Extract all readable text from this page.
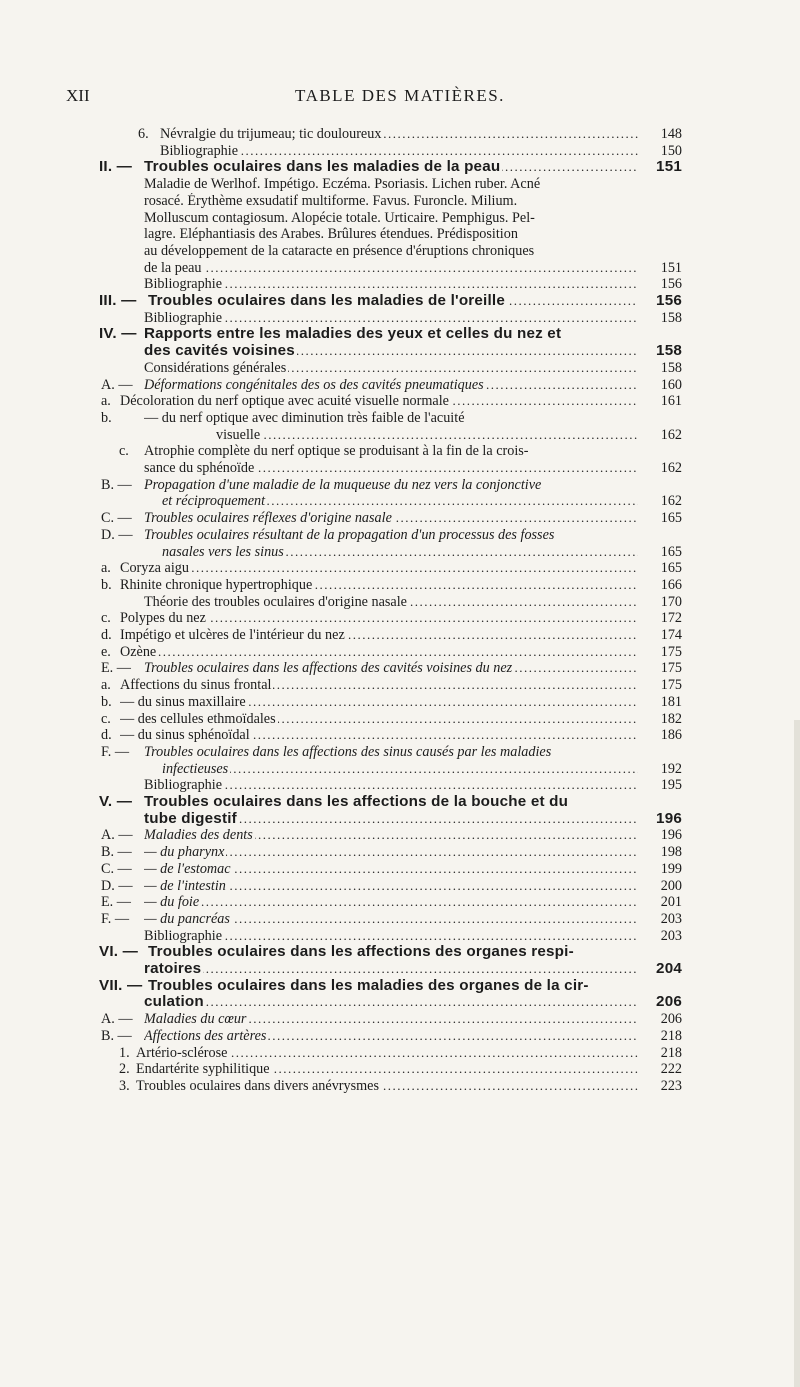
XII	TABLE DES MATIÈRES.
6. Névralgie du trijumeau; tic douloureux .....	148
Bibliographie .....	150
II. — Troubles oculaires dans les maladies de la peau .....	151
Maladie de Werlhof. Impétigo. Eczéma. Psoriasis. Lichen ruber. Acné
rosacé. Érythème exsudatif multiforme. Favus. Furoncle. Milium.
Molluscum contagiosum. Alopécie totale. Urticaire. Pemphigus. Pel-
lagre. Eléphantiasis des Arabes. Brûlures étendues. Prédisposition
au développement de la cataracte en présence d'éruptions chroniques
de la peau .....	151
Bibliographie .....	156
III. — Troubles oculaires dans les maladies de l'oreille .....	156
Bibliographie .....	158
IV. — Rapports entre les maladies des yeux et celles du nez et
des cavités voisines .....	158
Considérations générales .....	158
A. — Déformations congénitales des os des cavités pneumatiques .....	160
a. Décoloration du nerf optique avec acuité visuelle normale .....	161
b. — du nerf optique avec diminution très faible de l'acuité
visuelle .....	162
c. Atrophie complète du nerf optique se produisant à la fin de la crois-
sance du sphénoïde .....	162
B. — Propagation d'une maladie de la muqueuse du nez vers la conjonctive
et réciproquement .....	162
C. — Troubles oculaires réflexes d'origine nasale .....	165
D. — Troubles oculaires résultant de la propagation d'un processus des fosses
nasales vers les sinus .....	165
a. Coryza aigu .....	165
b. Rhinite chronique hypertrophique .....	166
Théorie des troubles oculaires d'origine nasale .....	170
c. Polypes du nez .....	172
d. Impétigo et ulcères de l'intérieur du nez .....	174
e. Ozène .....	175
E. — Troubles oculaires dans les affections des cavités voisines du nez .....	175
a. Affections du sinus frontal .....	175
b. — du sinus maxillaire .....	181
c. — des cellules ethmoïdales .....	182
d. — du sinus sphénoïdal .....	186
F. — Troubles oculaires dans les affections des sinus causés par les maladies
infectieuses .....	192
Bibliographie .....	195
V. — Troubles oculaires dans les affections de la bouche et du
tube digestif .....	196
A. — Maladies des dents .....	196
B. — — du pharynx .....	198
C. — — de l'estomac .....	199
D. — — de l'intestin .....	200
E. — — du foie .....	201
F. — — du pancréas .....	203
Bibliographie .....	203
VI. — Troubles oculaires dans les affections des organes respi-
ratoires .....	204
VII. — Troubles oculaires dans les maladies des organes de la cir-
culation .....	206
A. — Maladies du cœur .....	206
B. — Affections des artères .....	218
1. Artério-sclérose .....	218
2. Endartérite syphilitique .....	222
3. Troubles oculaires dans divers anévrysmes .....	223
